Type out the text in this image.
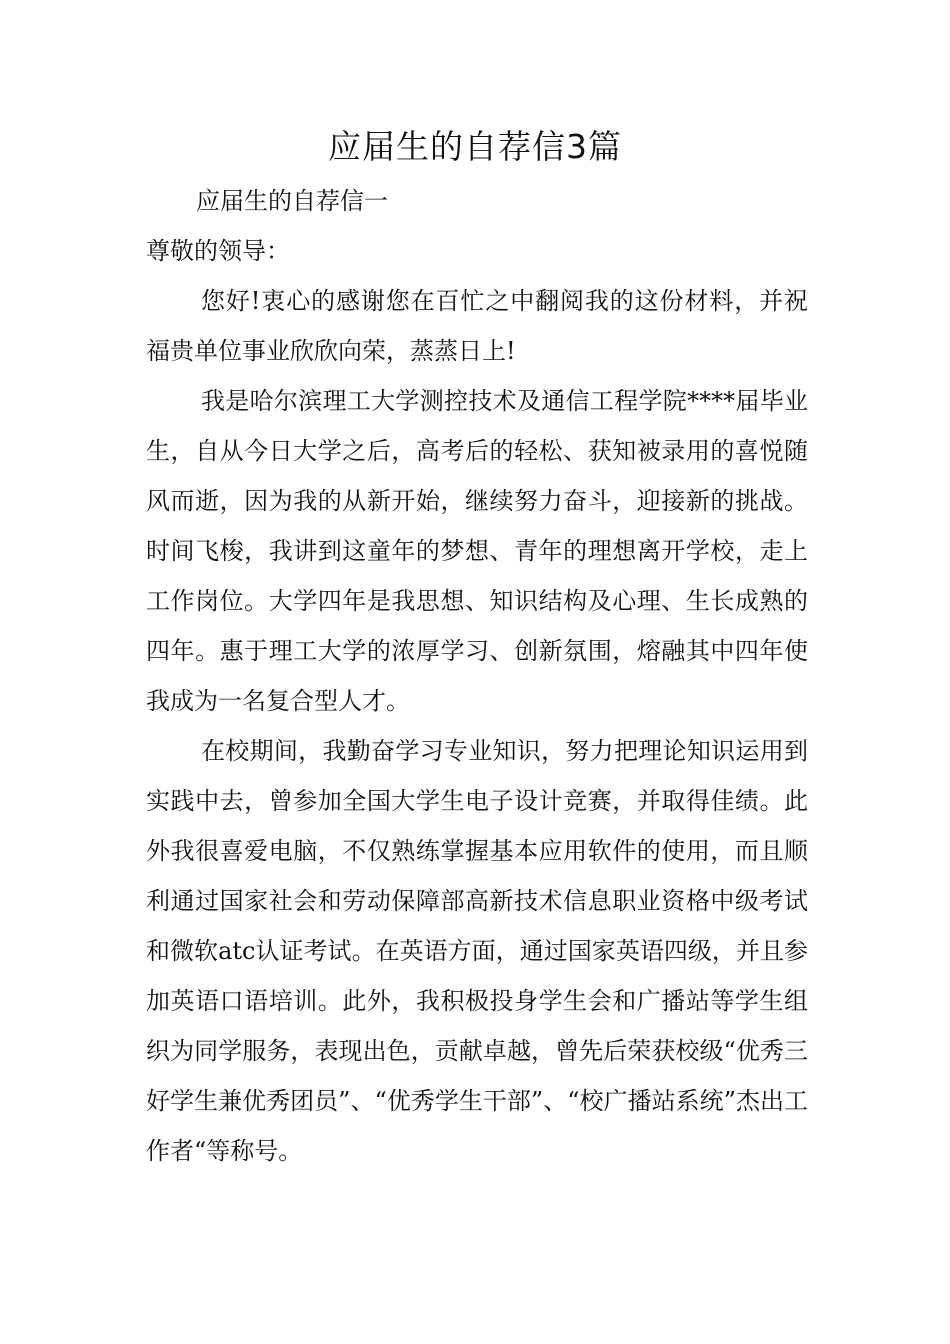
应届生的自荐信3篇

应届生的自荐信一

尊敬的领导：

您好!衷心的感谢您在百忙之中翻阅我的这份材料，并祝福贵单位事业欣欣向荣，蒸蒸日上!

我是哈尔滨理工大学测控技术及通信工程学院****届毕业生，自从今日大学之后，高考后的轻松、获知被录用的喜悦随风而逝，因为我的从新开始，继续努力奋斗，迎接新的挑战。时间飞梭，我讲到这童年的梦想、青年的理想离开学校，走上工作岗位。大学四年是我思想、知识结构及心理、生长成熟的四年。惠于理工大学的浓厚学习、创新氛围，熔融其中四年使我成为一名复合型人才。

在校期间，我勤奋学习专业知识，努力把理论知识运用到实践中去，曾参加全国大学生电子设计竞赛，并取得佳绩。此外我很喜爱电脑，不仅熟练掌握基本应用软件的使用，而且顺利通过国家社会和劳动保障部高新技术信息职业资格中级考试和微软atc认证考试。在英语方面，通过国家英语四级，并且参加英语口语培训。此外，我积极投身学生会和广播站等学生组织为同学服务，表现出色，贡献卓越，曾先后荣获校级“优秀三好学生兼优秀团员”、“优秀学生干部”、“校广播站系统”杰出工作者“等称号。
